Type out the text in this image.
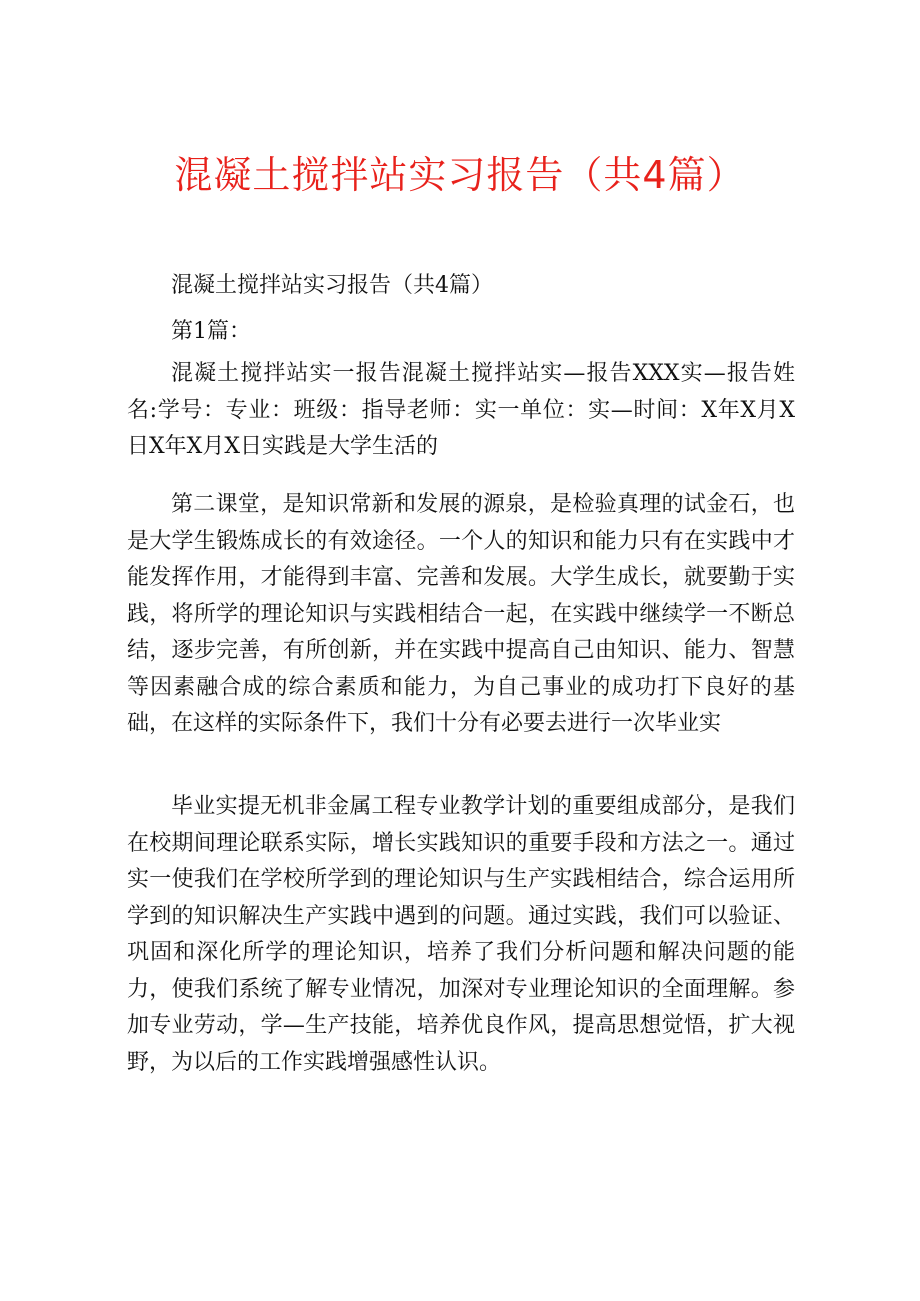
混凝土搅拌站实习报告（共4篇）

混凝土搅拌站实习报告（共4篇）

第1篇：

混凝土搅拌站实一报告混凝土搅拌站实—报告XXX实—报告姓名:学号：专业：班级：指导老师：实一单位：实—时间：X年X月X日X年X月X日实践是大学生活的

第二课堂，是知识常新和发展的源泉，是检验真理的试金石，也是大学生锻炼成长的有效途径。一个人的知识和能力只有在实践中才能发挥作用，才能得到丰富、完善和发展。大学生成长，就要勤于实践，将所学的理论知识与实践相结合一起，在实践中继续学一不断总结，逐步完善，有所创新，并在实践中提高自己由知识、能力、智慧等因素融合成的综合素质和能力，为自己事业的成功打下良好的基础，在这样的实际条件下，我们十分有必要去进行一次毕业实

毕业实提无机非金属工程专业教学计划的重要组成部分，是我们在校期间理论联系实际，增长实践知识的重要手段和方法之一。通过实一使我们在学校所学到的理论知识与生产实践相结合，综合运用所学到的知识解决生产实践中遇到的问题。通过实践，我们可以验证、巩固和深化所学的理论知识，培养了我们分析问题和解决问题的能力，使我们系统了解专业情况，加深对专业理论知识的全面理解。参加专业劳动，学—生产技能，培养优良作风，提高思想觉悟，扩大视野，为以后的工作实践增强感性认识。
